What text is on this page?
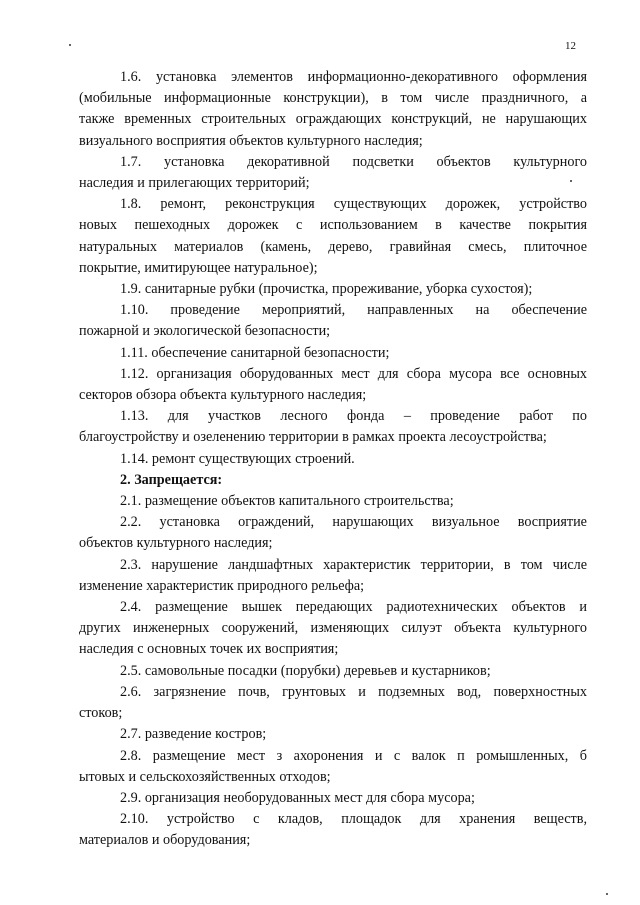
12

1.6. установка элементов информационно-декоративного оформления
(мобильные информационные конструкции), в том числе праздничного, а
также временных строительных ограждающих конструкций, не нарушающих
визуального восприятия объектов культурного наследия;

1.7. установка декоративной подсветки объектов культурного
наследия и прилегающих территорий;

1.8. ремонт, реконструкция существующих дорожек, устройство
новых пешеходных дорожек с использованием в качестве покрытия
натуральных материалов (камень, дерево, гравийная смесь, плиточное
покрытие, имитирующее натуральное);

1.9. санитарные рубки (прочистка, прореживание, уборка сухостоя);

1.10. проведение мероприятий, направленных на обеспечение
пожарной и экологической безопасности;

1.11. обеспечение санитарной безопасности;

1.12. организация оборудованных мест для сбора мусора все основных
секторов обзора объекта культурного наследия;

1.13. для участков лесного фонда – проведение работ по
благоустройству и озеленению территории в рамках проекта лесоустройства;

1.14. ремонт существующих строений.

2. Запрещается:

2.1. размещение объектов капитального строительства;

2.2. установка ограждений, нарушающих визуальное восприятие
объектов культурного наследия;

2.3. нарушение ландшафтных характеристик территории, в том числе
изменение характеристик природного рельефа;

2.4. размещение вышек передающих радиотехнических объектов и
других инженерных сооружений, изменяющих силуэт объекта культурного
наследия с основных точек их восприятия;

2.5. самовольные посадки (порубки) деревьев и кустарников;

2.6. загрязнение почв, грунтовых и подземных вод, поверхностных
стоков;

2.7. разведение костров;

2.8. размещение мест з ахоронения и с валок п ромышленных, б
ытовых и сельскохозяйственных отходов;

2.9. организация необорудованных мест для сбора мусора;

2.10. устройство с кладов, площадок для хранения веществ,
материалов и оборудования;
